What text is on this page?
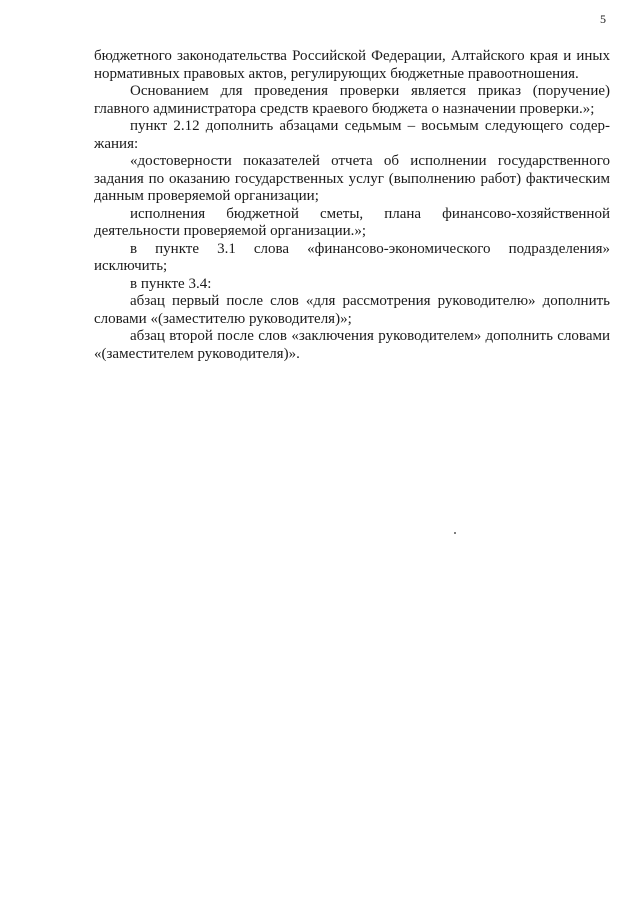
5

бюджетного законодательства Российской Федерации, Алтайского края и иных нормативных правовых актов, регулирующих бюджетные правоотношения.

Основанием для проведения проверки является приказ (поручение) главного администратора средств краевого бюджета о назначении проверки.»;

пункт 2.12 дополнить абзацами седьмым – восьмым следующего содер-жания:

«достоверности показателей отчета об исполнении государственного задания по оказанию государственных услуг (выполнению работ) фактическим данным проверяемой организации;

исполнения бюджетной сметы, плана финансово-хозяйственной деятельности проверяемой организации.»;

в пункте 3.1 слова «финансово-экономического подразделения» исключить;

в пункте 3.4:

абзац первый после слов «для рассмотрения руководителю» дополнить словами «(заместителю руководителя)»;

абзац второй после слов «заключения руководителем» дополнить словами «(заместителем руководителя)».
